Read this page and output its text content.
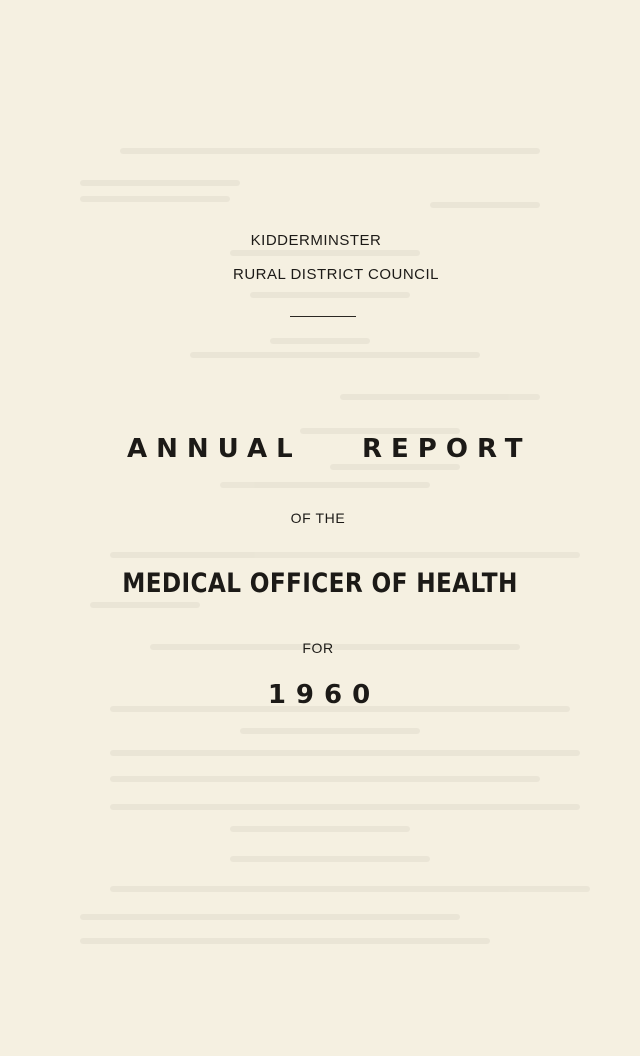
KIDDERMINSTER
RURAL DISTRICT COUNCIL
ANNUAL REPORT
OF THE
MEDICAL OFFICER OF HEALTH
FOR
1960
